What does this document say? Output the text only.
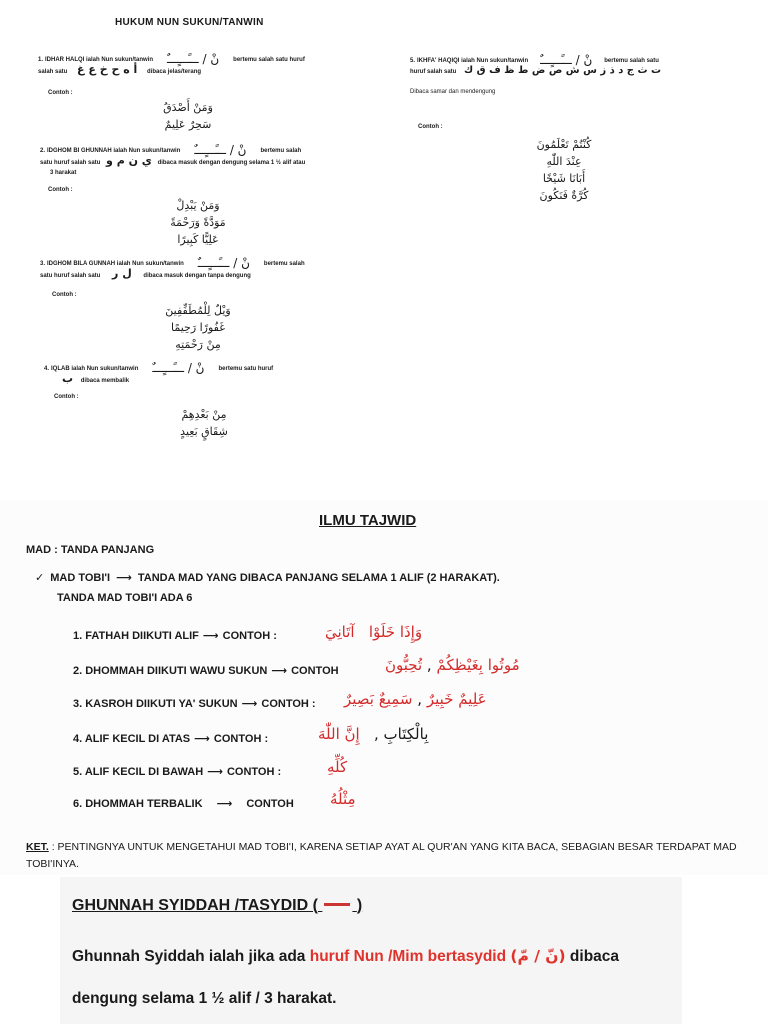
HUKUM NUN SUKUN/TANWIN
1. IDHAR HALQI ialah Nun sukun/tanwin نْ / ـــًـــٍـــٌ bertemu salah satu huruf
salah satu أ ه ح خ ع غ dibaca jelas/terang
Contoh :
وَمَنْ أَصْدَقُ
سَحِرٌ عَلِيمٌ
2. IDGHOM BI GHUNNAH ialah Nun sukun/tanwin نْ / ـــًـــٍـــٌ bertemu salah
satu huruf salah satu ي ن م و dibaca masuk dengan dengung selama 1 ½ alif atau
3 harakat
Contoh :
وَمَنْ يَبْدِلْ
مَوَدَّةً وَرَحْمَةً
عَلِيًّا كَبِيرًا
3. IDGHOM BILA GUNNAH ialah Nun sukun/tanwin نْ / ـــًـــٍـــٌ bertemu salah
satu huruf salah satu ل ر dibaca masuk dengan tanpa dengung
Contoh :
وَيْلٌ لِلْمُطَفِّفِينَ
غَفُورًا رَحِيمًا
مِنْ رَحْمَتِهِ
4. IQLAB ialah Nun sukun/tanwin نْ / ـــًـــٍـــٌ bertemu satu huruf
ب dibaca membalik
Contoh :
مِنْ بَعْدِهِمْ
شِقَاقٍ بَعِيدٍ
5. IKHFA' HAQIQI ialah Nun sukun/tanwin نْ / ـــًـــٍـــٌ bertemu salah satu
huruf salah satu ت ث ج د ذ ز س ش ص ض ط ظ ف ق ك
Dibaca samar dan mendengung
Contoh :
كُنْتُمْ تَعْلَمُونَ
عِنْدَ اللّٰهِ
أَبَانَا شَيْخًا
كُرَّةٌ فَنَكُونَ
ILMU TAJWID
MAD : TANDA PANJANG
✓ MAD TOBI'I ⟶ TANDA MAD YANG DIBACA PANJANG SELAMA 1 ALIF (2 HARAKAT).
TANDA MAD TOBI'I ADA 6
1. FATHAH DIIKUTI ALIF ⟶ CONTOH :	وَإِذَا خَلَوْا   آتَانِيَ
2. DHOMMAH DIIKUTI WAWU SUKUN ⟶ CONTOH	مُوتُوا بِغَيْظِكُمْ , تُحِبُّونَ
3. KASROH DIIKUTI YA' SUKUN ⟶ CONTOH :	عَلِيمٌ خَبِيرٌ , سَمِيعٌ بَصِيرٌ
4. ALIF KECIL DI ATAS ⟶ CONTOH :	بِالْكِتَابِ ,   إِنَّ اللّٰهَ
5. ALIF KECIL DI BAWAH ⟶ CONTOH :	كُلِّهِ
6. DHOMMAH TERBALIK ⟶ CONTOH مِثْلُهُ
KET. : PENTINGNYA UNTUK MENGETAHUI MAD TOBI'I, KARENA SETIAP AYAT AL QUR'AN YANG KITA BACA, SEBAGIAN BESAR TERDAPAT MAD TOBI'INYA.
GHUNNAH SYIDDAH /TASYDID ( )
Ghunnah Syiddah ialah jika ada huruf Nun /Mim bertasydid (نّ / مّ) dibaca
dengung selama 1 ½ alif / 3 harakat.
